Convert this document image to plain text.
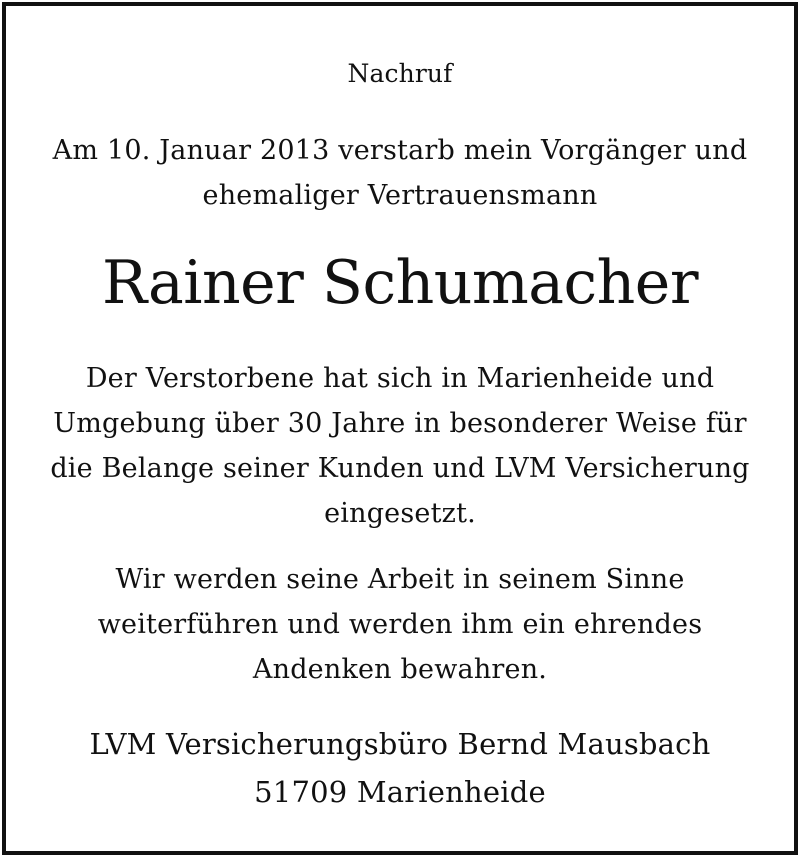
Nachruf
Am 10. Januar 2013 verstarb mein Vorgänger und
ehemaliger Vertrauensmann
Rainer Schumacher
Der Verstorbene hat sich in Marienheide und
Umgebung über 30 Jahre in besonderer Weise für
die Belange seiner Kunden und LVM Versicherung
eingesetzt.
Wir werden seine Arbeit in seinem Sinne
weiterführen und werden ihm ein ehrendes
Andenken bewahren.
LVM Versicherungsbüro Bernd Mausbach
51709 Marienheide
